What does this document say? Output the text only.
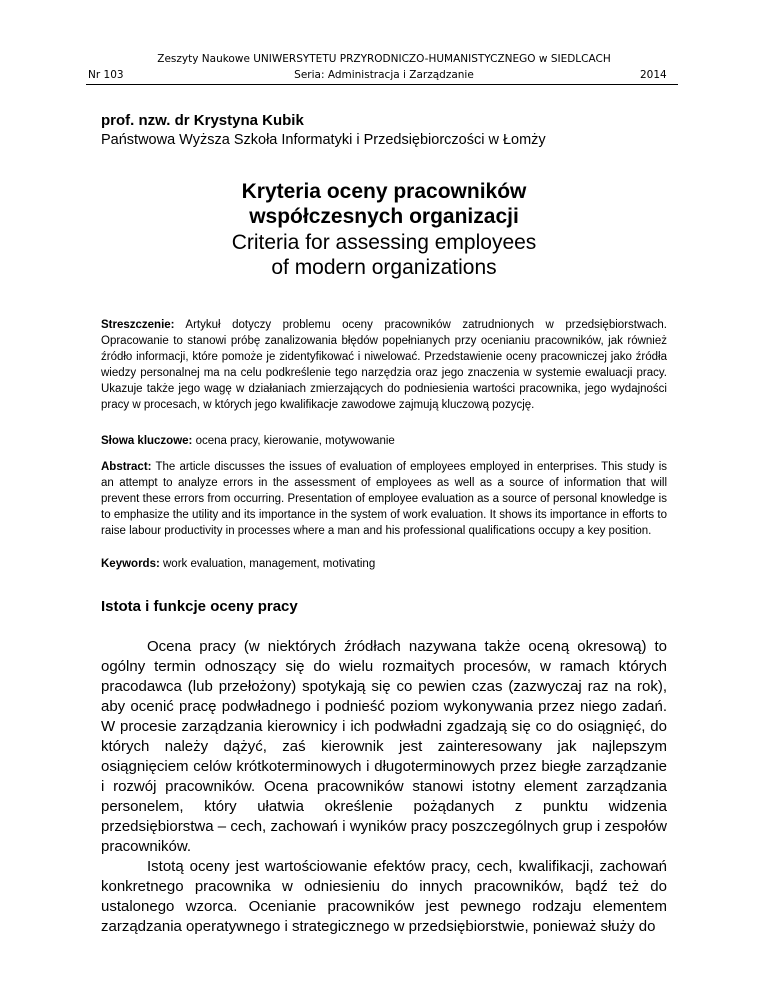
Zeszyty Naukowe UNIWERSYTETU PRZYRODNICZO-HUMANISTYCZNEGO w SIEDLCACH
Seria: Administracja i Zarządzanie
Nr 103	2014
prof. nzw. dr Krystyna Kubik
Państwowa Wyższa Szkoła Informatyki i Przedsiębiorczości w Łomży
Kryteria oceny pracowników
współczesnych organizacji
Criteria for assessing employees
of modern organizations
Streszczenie: Artykuł dotyczy problemu oceny pracowników zatrudnionych w przedsiębiorstwach. Opracowanie to stanowi próbę zanalizowania błędów popełnianych przy ocenianiu pracowników, jak również źródło informacji, które pomoże je zidentyfikować i niwelować. Przedstawienie oceny pracowniczej jako źródła wiedzy personalnej ma na celu podkreślenie tego narzędzia oraz jego znaczenia w systemie ewaluacji pracy. Ukazuje także jego wagę w działaniach zmierzających do podniesienia wartości pracownika, jego wydajności pracy w procesach, w których jego kwalifikacje zawodowe zajmują kluczową pozycję.
Słowa kluczowe: ocena pracy, kierowanie, motywowanie
Abstract: The article discusses the issues of evaluation of employees employed in enterprises. This study is an attempt to analyze errors in the assessment of employees as well as a source of information that will prevent these errors from occurring. Presentation of employee evaluation as a source of personal knowledge is to emphasize the utility and its importance in the system of work evaluation. It shows its importance in efforts to raise labour productivity in processes where a man and his professional qualifications occupy a key position.
Keywords: work evaluation, management, motivating
Istota i funkcje oceny pracy

Ocena pracy (w niektórych źródłach nazywana także oceną okresową) to ogólny termin odnoszący się do wielu rozmaitych procesów, w ramach których pracodawca (lub przełożony) spotykają się co pewien czas (zazwyczaj raz na rok), aby ocenić pracę podwładnego i podnieść poziom wykonywania przez niego zadań. W procesie zarządzania kierownicy i ich podwładni zgadzają się co do osiągnięć, do których należy dążyć, zaś kierownik jest zainteresowany jak najlepszym osiągnięciem celów krótkoterminowych i długoterminowych przez biegłe zarządzanie i rozwój pracowników. Ocena pracowników stanowi istotny element zarządzania personelem, który ułatwia określenie pożądanych z punktu widzenia przedsiębiorstwa – cech, zachowań i wyników pracy poszczególnych grup i zespołów pracowników.

Istotą oceny jest wartościowanie efektów pracy, cech, kwalifikacji, zachowań konkretnego pracownika w odniesieniu do innych pracowników, bądź też do ustalonego wzorca. Ocenianie pracowników jest pewnego rodzaju elementem zarządzania operatywnego i strategicznego w przedsiębiorstwie, ponieważ służy do
